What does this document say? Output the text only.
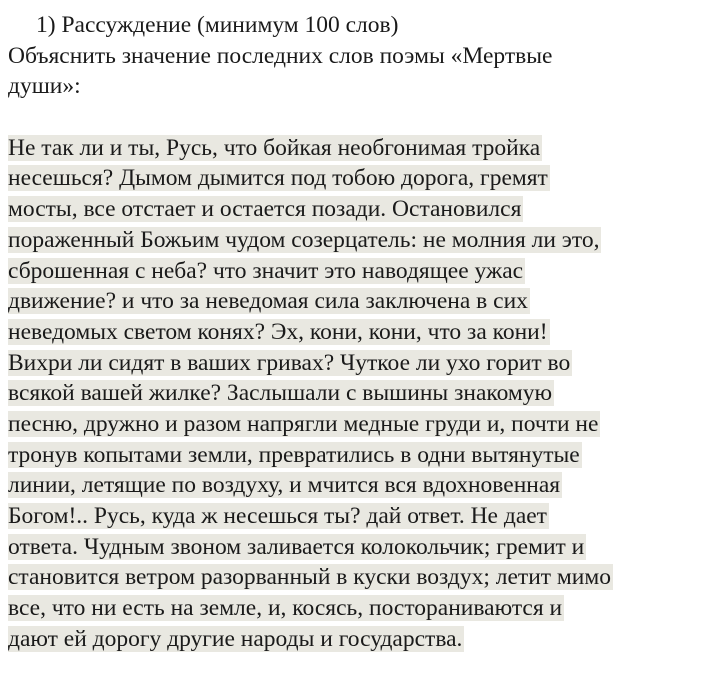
1) Рассуждение (минимум 100 слов)
Объяснить значение последних слов поэмы «Мертвые
души»:
Не так ли и ты, Русь, что бойкая необгонимая тройка
несешься? Дымом дымится под тобою дорога, гремят
мосты, все отстает и остается позади. Остановился
пораженный Божьим чудом созерцатель: не молния ли это,
сброшенная с неба? что значит это наводящее ужас
движение? и что за неведомая сила заключена в сих
неведомых светом конях? Эх, кони, кони, что за кони!
Вихри ли сидят в ваших гривах? Чуткое ли ухо горит во
всякой вашей жилке? Заслышали с вышины знакомую
песню, дружно и разом напрягли медные груди и, почти не
тронув копытами земли, превратились в одни вытянутые
линии, летящие по воздуху, и мчится вся вдохновенная
Богом!.. Русь, куда ж несешься ты? дай ответ. Не дает
ответа. Чудным звоном заливается колокольчик; гремит и
становится ветром разорванный в куски воздух; летит мимо
все, что ни есть на земле, и, косясь, постораниваются и
дают ей дорогу другие народы и государства.
